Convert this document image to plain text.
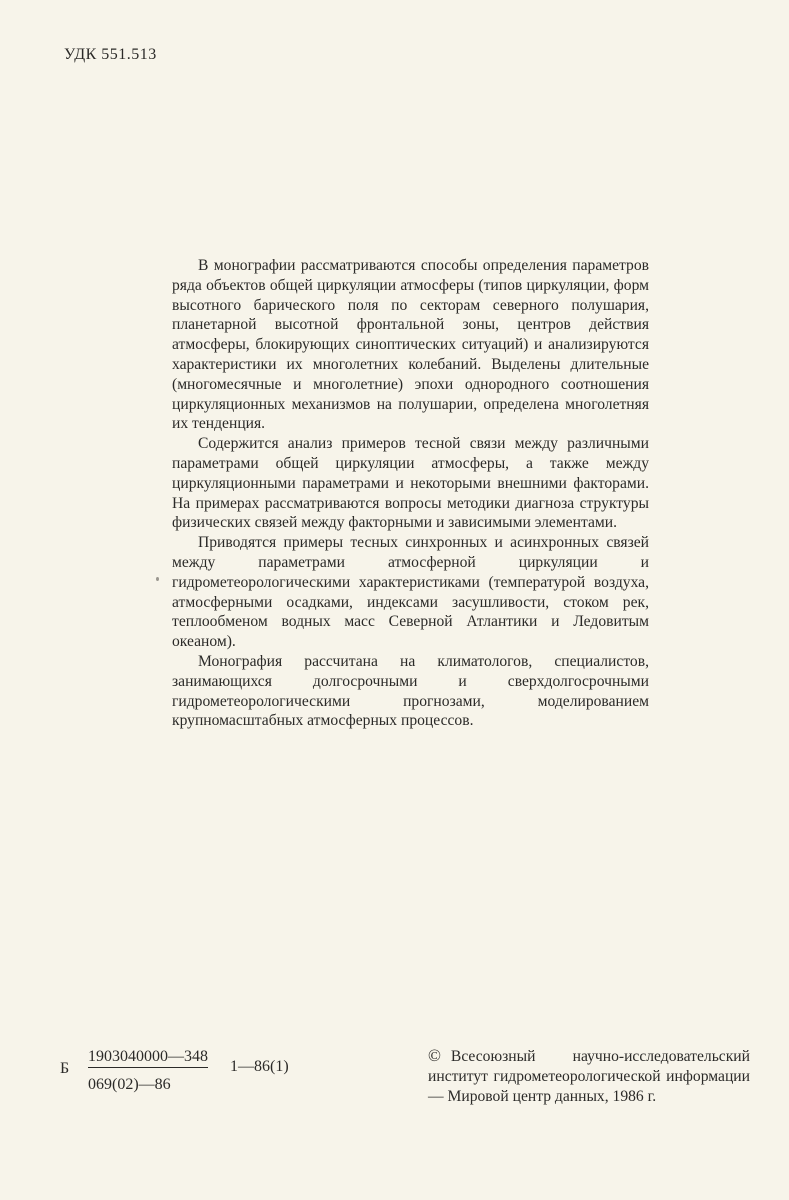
УДК 551.513

В монографии рассматриваются способы определения параметров ряда объектов общей циркуляции атмосферы (типов циркуляции, форм высотного барического поля по секторам северного полушария, планетарной высотной фронтальной зоны, центров действия атмосферы, блокирующих синоптических ситуаций) и анализируются характеристики их многолетних колебаний. Выделены длительные (многомесячные и многолетние) эпохи однородного соотношения циркуляционных механизмов на полушарии, определена многолетняя их тенденция.

Содержится анализ примеров тесной связи между различными параметрами общей циркуляции атмосферы, а также между циркуляционными параметрами и некоторыми внешними факторами. На примерах рассматриваются вопросы методики диагноза структуры физических связей между факторными и зависимыми элементами.

Приводятся примеры тесных синхронных и асинхронных связей между параметрами атмосферной циркуляции и гидрометеорологическими характеристиками (температурой воздуха, атмосферными осадками, индексами засушливости, стоком рек, теплообменом водных масс Северной Атлантики и Ледовитым океаном).

Монография рассчитана на климатологов, специалистов, занимающихся долгосрочными и сверхдолгосрочными гидрометеорологическими прогнозами, моделированием крупномасштабных атмосферных процессов.

Б
1903040000—348
069(02)—86
1—86(1)
© Всесоюзный научно-исследовательский институт гидрометеорологической информации — Мировой центр данных, 1986 г.
